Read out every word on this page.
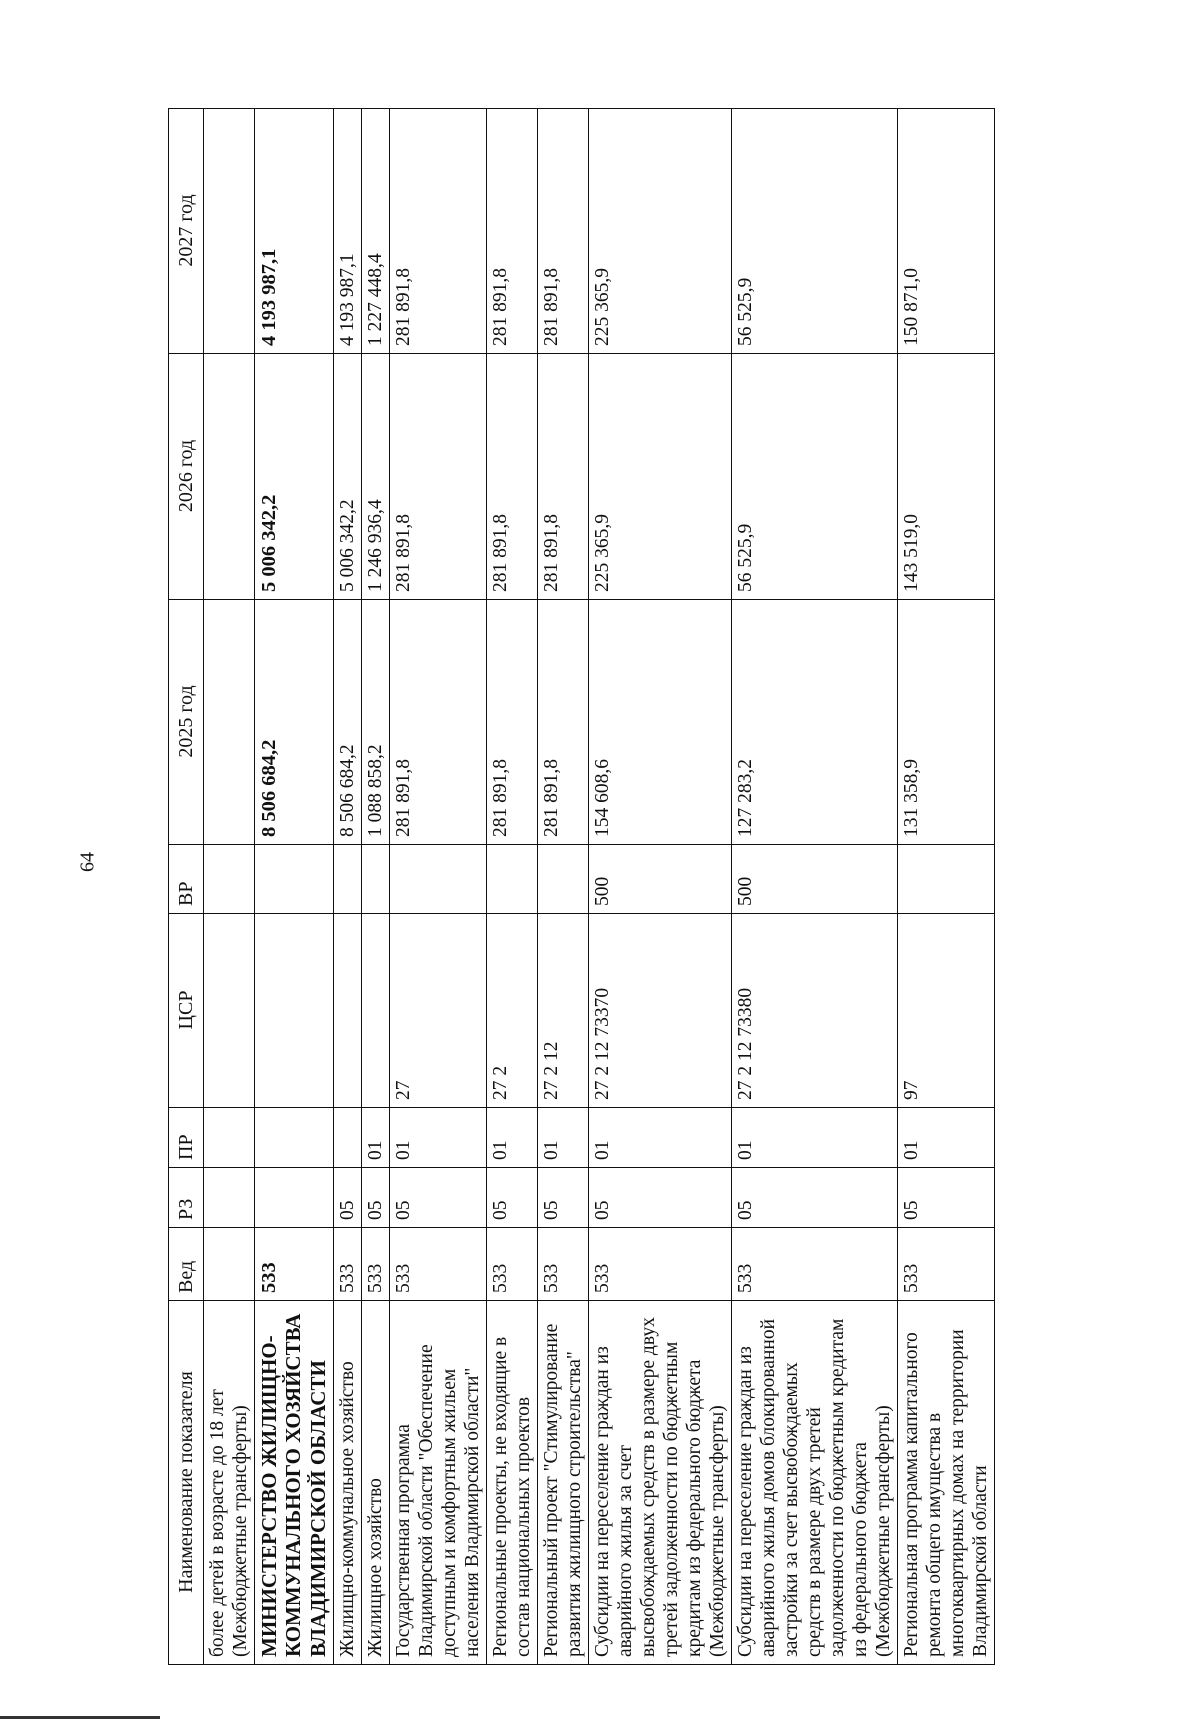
64
Наименование показателя	Вед	РЗ	ПР	ЦСР	ВР	2025 год	2026 год	2027 год
более детей в возрасте до 18 лет (Межбюджетные трансферты)								
МИНИСТЕРСТВО ЖИЛИЩНО-КОММУНАЛЬНОГО ХОЗЯЙСТВА ВЛАДИМИРСКОЙ ОБЛАСТИ	533					8 506 684,2	5 006 342,2	4 193 987,1
Жилищно-коммунальное хозяйство	533	05				8 506 684,2	5 006 342,2	4 193 987,1
Жилищное хозяйство	533	05	01			1 088 858,2	1 246 936,4	1 227 448,4
Государственная программа Владимирской области "Обеспечение доступным и комфортным жильем населения Владимирской области"	533	05	01	27		281 891,8	281 891,8	281 891,8
Региональные проекты, не входящие в состав национальных проектов	533	05	01	27 2		281 891,8	281 891,8	281 891,8
Региональный проект "Стимулирование развития жилищного строительства"	533	05	01	27 2 12		281 891,8	281 891,8	281 891,8
Субсидии на переселение граждан из аварийного жилья за счет высвобождаемых средств в размере двух третей задолженности по бюджетным кредитам из федерального бюджета (Межбюджетные трансферты)	533	05	01	27 2 12 73370	500	154 608,6	225 365,9	225 365,9
Субсидии на переселение граждан из аварийного жилья домов блокированной застройки за счет высвобождаемых средств в размере двух третей задолженности по бюджетным кредитам из федерального бюджета (Межбюджетные трансферты)	533	05	01	27 2 12 73380	500	127 283,2	56 525,9	56 525,9
Региональная программа капитального ремонта общего имущества в многоквартирных домах на территории Владимирской области	533	05	01	97		131 358,9	143 519,0	150 871,0
